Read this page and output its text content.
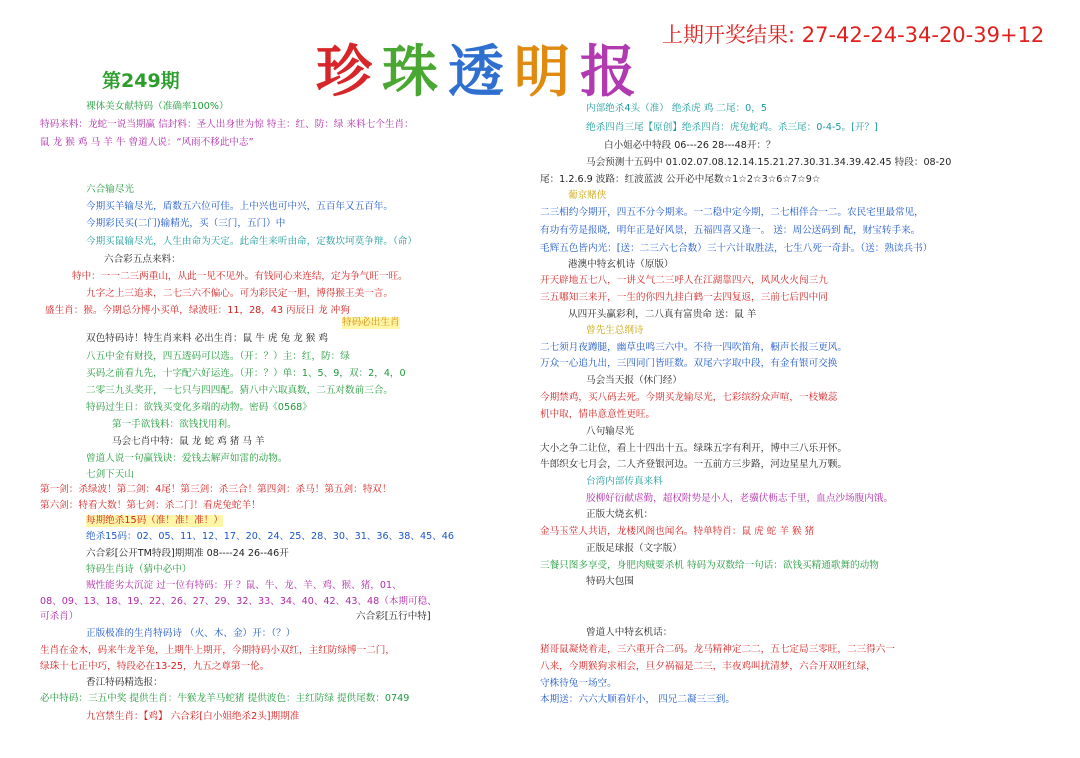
珍珠透明报
上期开奖结果: 27-42-24-34-20-39+12
第249期
裸体美女献特码（准确率100%）
特码来料：龙蛇一说当期赢 信封料：圣人出身世为惊 特主：红、防：绿 来料七个生肖：
鼠 龙 猴 鸡 马 羊 牛 曾道人说：“风雨不移此中志”
六合输尽光
今期买羊输尽光，盾数五六位可佳。上中兴也可中兴，五百年又五百年。
今期彩民买(二门)输精光，买（三门，五门）中
今期买鼠输尽光，人生由命为天定。此命生来听由命，定数坎坷莫争辩。（命）
六合彩五点来料：
特中：一一二三两重山，从此一见不见外。有钱同心来连结，定为争气旺一旺。
九字之上三追求，二七三六不偏心。可为彩民定一胆，博得猴王美一言。
盛生肖：猴。今期总分博小买单，绿波旺：11，28，43 丙辰日 龙 冲狗
特码必出生肖
双色特码诗！特生肖来料 必出生肖：鼠 牛 虎 兔 龙 猴 鸡
八五中金有财投，四五透码可以选。（开：？）主：红，防：绿
买码之前看九先，十字配六好运连。（开：？）单：1、5、9，双：2，4，0
二零三九头奖开，一七只与四四配。猜八中六取真数，二五对数前三合。
特码过生日：欲钱买变化多端的动物。密码《0568》
第一手欲钱料：欲钱找用利。
马会七肖中特：鼠 龙 蛇 鸡 猪 马 羊
曾道人说一句赢钱诀：爱钱去解声如雷的动物。
七剑下天山
第一剑：杀绿波！第二剑：4尾！第三剑：杀三合！第四剑：杀马！第五剑：特双！
第六剑：特看大数！第七剑：杀二门！看虎兔蛇羊！
每期绝杀15码（准！准！准！）
绝杀15码：02、05、11、12、17、20、24、25、28、30、31、36、38、45、46
六合彩[公开TM特段]期期准 08----24 26--46开
特码生肖诗（猜中必中）
贼性能劣太沉淀 过一位有特码：开 ？鼠、牛、龙、羊、鸡、猴、猪，01、
08、09、13、18、19、22、26、27、29、32、33、34、40、42、43、48（本期可稳、
可杀肖）	六合彩[五行中特]
正版极准的生肖特码诗 （火、木、金）开：（？）
生肖在金木，码来牛龙羊兔，上期牛上期开，今期特码小双红，主红防绿博一二门，
绿珠十七正中巧，特段必在13-25，九五之尊第一伦。
香江特码精选报：
必中特码：三五中奖 提供生肖：牛猴龙羊马蛇猪 提供波色：主红防绿 提供尾数：0749
九宫禁生肖：【鸡】 六合彩[白小姐绝杀2头]期期准
内部绝杀4头（准） 绝杀虎 鸡 二尾：0，5
绝杀四肖三尾【原创】绝杀四肖：虎兔蛇鸡。杀三尾：0-4-5。[开？]
白小姐必中特段 06---26 28---48开：？
马会预测十五码中 01.02.07.08.12.14.15.21.27.30.31.34.39.42.45 特段：08-20
尾：1.2.6.9 波路：红波蓝波 公开必中尾数☆1☆2☆3☆6☆7☆9☆
葡京赌侠
二三相约今期开，四五不分今期来。一二稳中定今期，二七相伴合一二。农民宅里最常见，
有功有劳是报晓，明年正是好风景，五福四喜又逢一。 送：周公送码到 配，财宝转手来。
毛辉五色皆内光：[送：二三六七合数）三十六计取胜法，七生八死一奇卦。（送：熟读兵书）
港澳中特玄机诗（原版）
开天辟地五七八，一讲义气二三呼人在江湖靠四六，风风火火闯三九
三五哪知三来开，一生的你四九挂白鹤一去四复返，三前七后四中同
从四开头赢彩利，二八真有富贵命 送：鼠 羊
曾先生总纲诗
二七须月夜蹲腿，幽草虫鸣三六中。不待一四吹笛角，橱声长报三更风。
万众一心追九出，三四同门皆旺数。双尾六字取中段，有金有银可交换
马会当天报（休门经）
今期禁鸡，买八码去死。今期买龙输尽光，七彩缤纷众声喧，一枝嫩蕊
机中取，情串意意性更旺。
八句输尽光
大小之争二让位，看上十四出十五。绿珠五字有利开，博中三八乐开怀。
牛郎织女七月会，二人齐登银河边。一五前方三步路，河边星星九万颗。
台湾内部传真来料
胶柳好衍献虐勤，超权附势是小人，老骥伏枥志千里，血点沙场腹内饿。
正版大烧玄机：
金马玉堂人共语，龙楼风阁也闻名。特单特肖：鼠 虎 蛇 羊 猴 猪
正版足球报（文字版）
三餐只图多享受，身肥肉贼要杀机 特码为双数给一句话：欲钱买精通歌舞的动物
特码大包围
曾道人中特玄机话：
猪哥鼠凝烧着走，三六重开合二码。龙马精神定二二，五七定局三零旺，二三得六一
八来，今期猴狗求相会，旦夕祸福是二三，丰夜鸡叫扰清梦，六合开双旺红绿，
守株待兔一场空。
本期送：六六大顺看奸小， 四兄二凝三三到。
